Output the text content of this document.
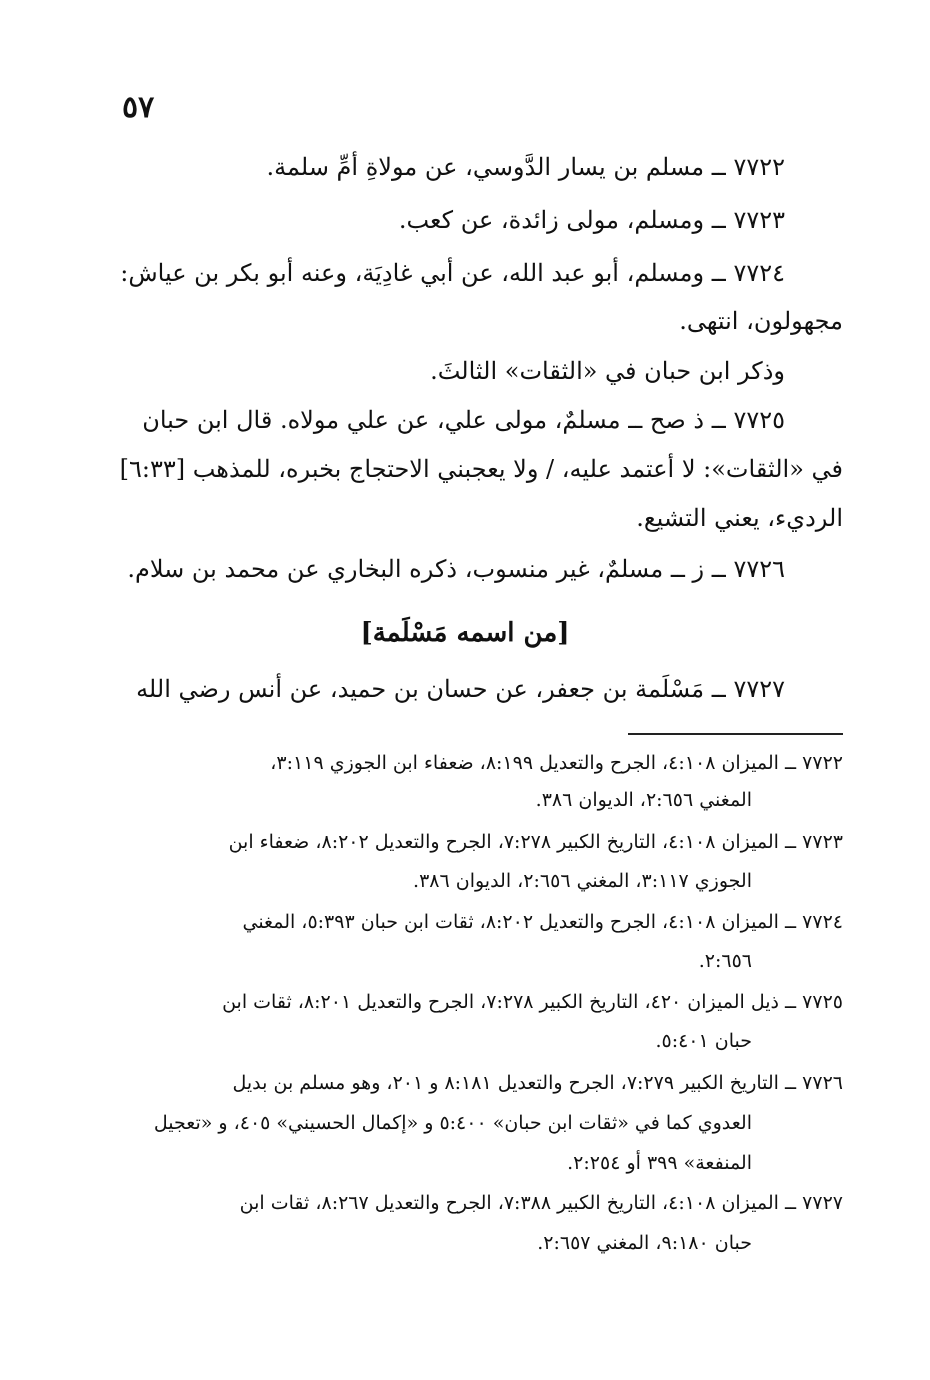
٥٧
٧٧٢٢ ــ مسلم بن يسار الدَّوسي، عن مولاةِ أمِّ سلمة.
٧٧٢٣ ــ ومسلم، مولى زائدة، عن كعب.
٧٧٢٤ ــ ومسلم، أبو عبد الله، عن أبي غادِيَة، وعنه أبو بكر بن عياش:
مجهولون، انتهى.
وذكر ابن حبان في «الثقات» الثالثَ.
٧٧٢٥ ــ ذ صح ــ مسلمٌ، مولى علي، عن علي مولاه. قال ابن حبان
في «الثقات»: لا أعتمد عليه، / ولا يعجبني الاحتجاج بخبره، للمذهب [٦:٣٣]
الرديء، يعني التشيع.
٧٧٢٦ ــ ز ــ مسلمٌ، غير منسوب، ذكره البخاري عن محمد بن سلام.
[من اسمه مَسْلَمة]
٧٧٢٧ ــ مَسْلَمة بن جعفر، عن حسان بن حميد، عن أنس رضي الله
٧٧٢٢ ــ الميزان ٤:١٠٨، الجرح والتعديل ٨:١٩٩، ضعفاء ابن الجوزي ٣:١١٩،
المغني ٢:٦٥٦، الديوان ٣٨٦.
٧٧٢٣ ــ الميزان ٤:١٠٨، التاريخ الكبير ٧:٢٧٨، الجرح والتعديل ٨:٢٠٢، ضعفاء ابن
الجوزي ٣:١١٧، المغني ٢:٦٥٦، الديوان ٣٨٦.
٧٧٢٤ ــ الميزان ٤:١٠٨، الجرح والتعديل ٨:٢٠٢، ثقات ابن حبان ٥:٣٩٣، المغني
٢:٦٥٦.
٧٧٢٥ ــ ذيل الميزان ٤٢٠، التاريخ الكبير ٧:٢٧٨، الجرح والتعديل ٨:٢٠١، ثقات ابن
حبان ٥:٤٠١.
٧٧٢٦ ــ التاريخ الكبير ٧:٢٧٩، الجرح والتعديل ٨:١٨١ و ٢٠١، وهو مسلم بن بديل
العدوي كما في «ثقات ابن حبان» ٥:٤٠٠ و «إكمال الحسيني» ٤٠٥، و «تعجيل
المنفعة» ٣٩٩ أو ٢:٢٥٤.
٧٧٢٧ ــ الميزان ٤:١٠٨، التاريخ الكبير ٧:٣٨٨، الجرح والتعديل ٨:٢٦٧، ثقات ابن
حبان ٩:١٨٠، المغني ٢:٦٥٧.
